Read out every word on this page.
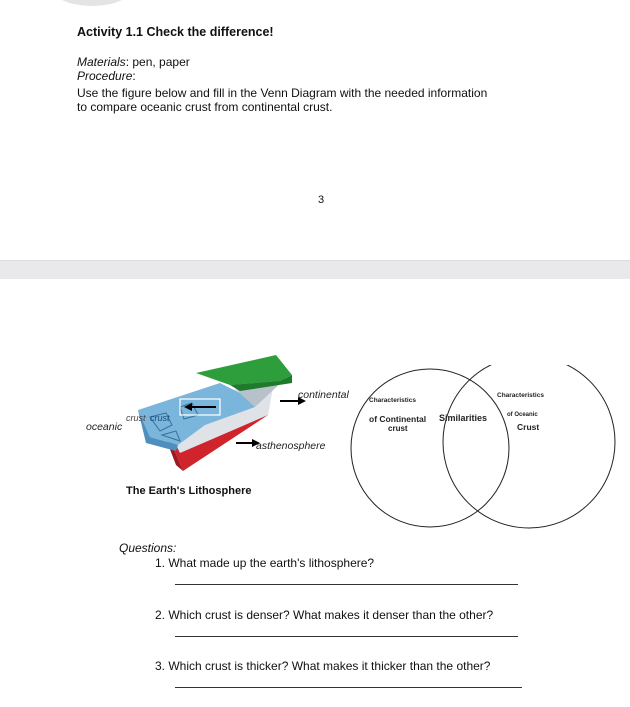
Activity 1.1 Check the difference!
Materials: pen, paper
Procedure:
Use the figure below and fill in the Venn Diagram with the needed information
to compare oceanic crust from continental crust.
3
continental
crust crust
oceanic
asthenosphere
The Earth's Lithosphere
Characteristics
of Continental
crust
Similarities
Characteristics
of Oceanic
Crust
Questions:
1. What made up the earth's lithosphere?
2. Which crust is denser? What makes it denser than the other?
3. Which crust is thicker? What makes it thicker than the other?
